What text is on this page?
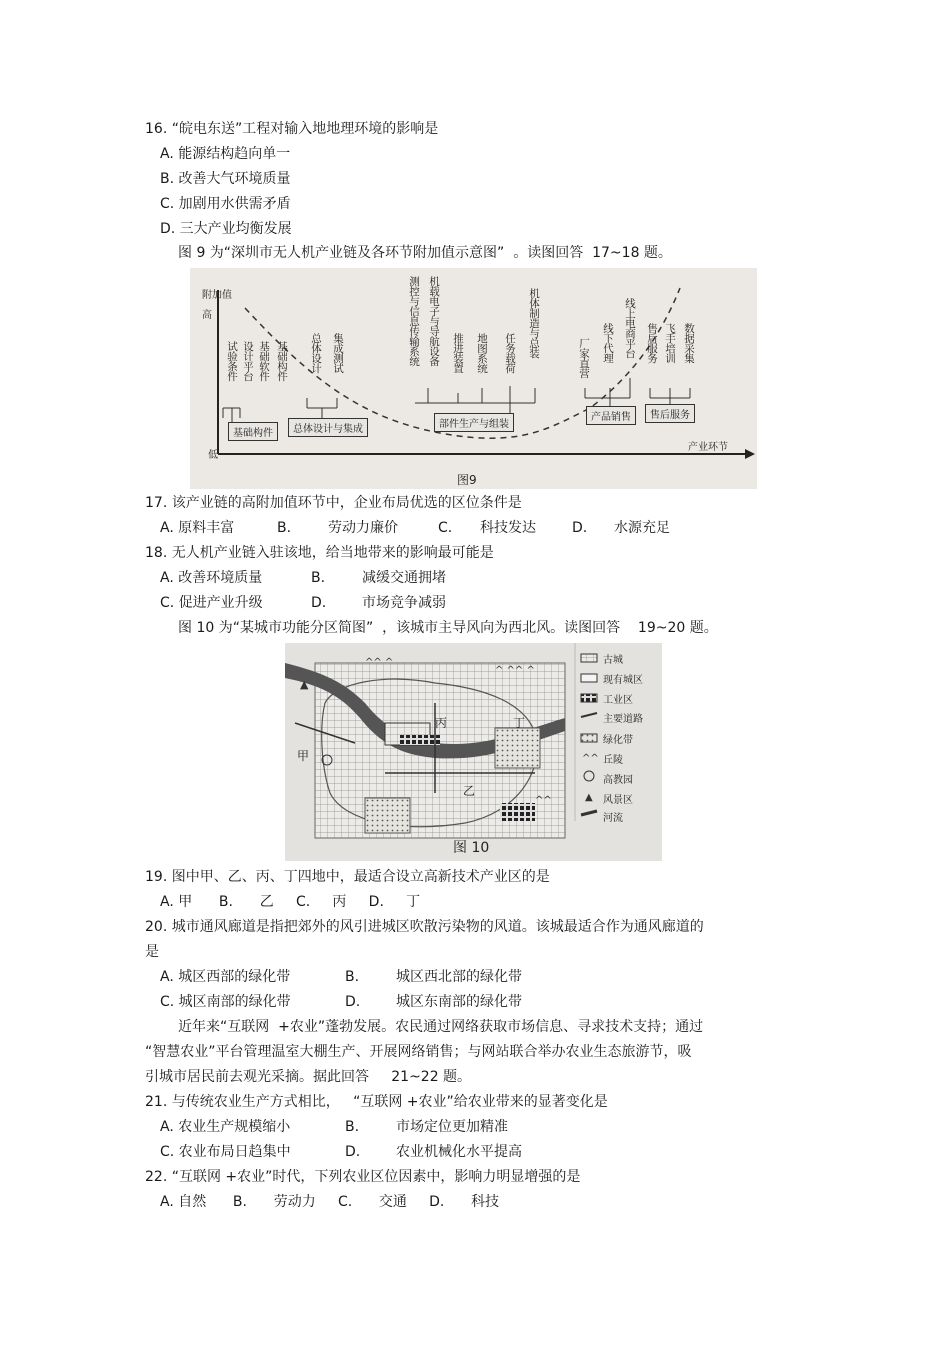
16. “皖电东送”工程对输入地地理环境的影响是
A. 能源结构趋向单一
B. 改善大气环境质量
C. 加剧用水供需矛盾
D. 三大产业均衡发展
图 9 为“深圳市无人机产业链及各环节附加值示意图”  。读图回答  17~18 题。
附加值
高
低
产业环节
试验条件 设计平台 基础软件 基础构件 总体设计 集成测试	测控与信息传输系统 机载电子与导航设备 推进装置 地图系统 任务载荷 机体制造与总装	厂家直营 线下代理 线上电商平台 售后服务 飞手培训 数据采集
基础构件	总体设计与集成	部件生产与组装
产品销售	售后服务
图9
17. 该产业链的高附加值环节中，企业布局优选的区位条件是
A. 原料丰富	B.	劳动力廉价	C. 科技发达	D. 水源充足
18. 无人机产业链入驻该地，给当地带来的影响最可能是
A. 改善环境质量	B.	减缓交通拥堵
C. 促进产业升级	D.	市场竞争减弱
图 10 为“某城市功能分区简图”  ，该城市主导风向为西北风。读图回答    19~20 题。
▲
^^ ^
^ ^^ ^
^^
^^
▲
古城
现有城区
工业区
主要道路
绿化带
丘陵
高教园
风景区
河流
丙	丁
甲
乙
图 10
19. 图中甲、乙、丙、丁四地中，最适合设立高新技术产业区的是
A. 甲      B.      乙     C.     丙     D.     丁
20. 城市通风廊道是指把郊外的风引进城区吹散污染物的风道。该城最适合作为通风廊道的
是
A. 城区西部的绿化带	B.	城区西北部的绿化带
C. 城区南部的绿化带	D.	城区东南部的绿化带
近年来“互联网  +农业”蓬勃发展。农民通过网络获取市场信息、寻求技术支持；通过
“智慧农业”平台管理温室大棚生产、开展网络销售；与网站联合举办农业生态旅游节，吸
引城市居民前去观光采摘。据此回答     21~22 题。
21. 与传统农业生产方式相比，   “互联网 +农业”给农业带来的显著变化是
A. 农业生产规模缩小	B.	市场定位更加精准
C. 农业布局日趋集中	D.	农业机械化水平提高
22. “互联网 +农业”时代，下列农业区位因素中，影响力明显增强的是
A. 自然      B.      劳动力     C.      交通     D.      科技
